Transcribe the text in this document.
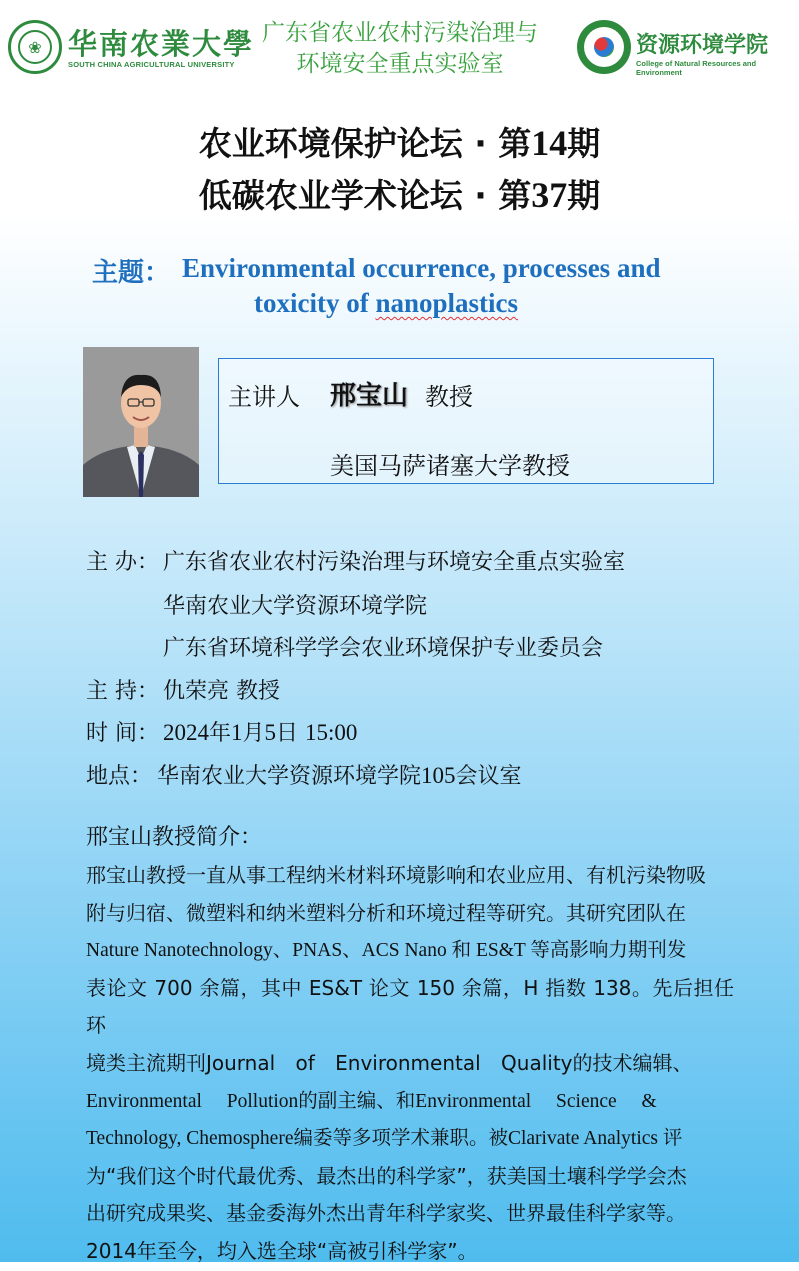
❀ 华南农業大學
SOUTH CHINA AGRICULTURAL UNIVERSITY
广东省农业农村污染治理与
环境安全重点实验室
资源环境学院
College of Natural Resources and Environment
农业环境保护论坛 · 第14期
低碳农业学术论坛 · 第37期
主题： Environmental occurrence, processes and
toxicity of nanoplastics
主讲人 邢宝山 教授
美国马萨诸塞大学教授
主 办： 广东省农业农村污染治理与环境安全重点实验室
华南农业大学资源环境学院
广东省环境科学学会农业环境保护专业委员会
主 持： 仇荣亮 教授
时 间： 2024年1月5日 15:00
地点： 华南农业大学资源环境学院105会议室
邢宝山教授简介：

邢宝山教授一直从事工程纳米材料环境影响和农业应用、有机污染物吸

附与归宿、微塑料和纳米塑料分析和环境过程等研究。其研究团队在

Nature Nanotechnology、PNAS、ACS Nano 和 ES&T 等高影响力期刊发

表论文 700 余篇，其中 ES&T 论文 150 余篇，H 指数 138。先后担任环

境类主流期刊Journal of Environmental Quality的技术编辑、

Environmental Pollution的副主编、和Environmental Science &

Technology, Chemosphere编委等多项学术兼职。被Clarivate Analytics 评

为“我们这个时代最优秀、最杰出的科学家”，获美国土壤科学学会杰

出研究成果奖、基金委海外杰出青年科学家奖、世界最佳科学家等。

2014年至今，均入选全球“高被引科学家”。
